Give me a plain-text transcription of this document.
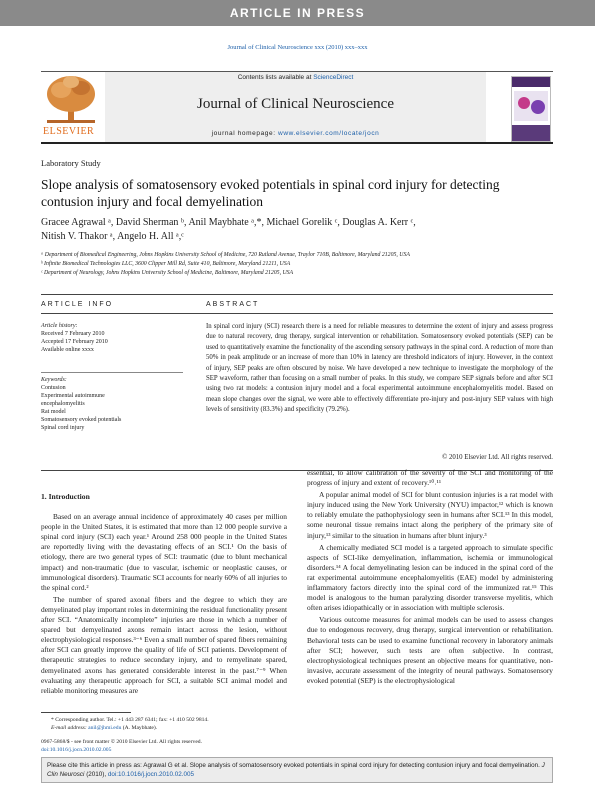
ARTICLE IN PRESS
Journal of Clinical Neuroscience xxx (2010) xxx–xxx
ELSEVIER
Contents lists available at ScienceDirect
Journal of Clinical Neuroscience
journal homepage: www.elsevier.com/locate/jocn
Laboratory Study
Slope analysis of somatosensory evoked potentials in spinal cord injury for detecting contusion injury and focal demyelination
Gracee Agrawal ᵃ, David Sherman ᵇ, Anil Maybhate ᵃ,*, Michael Gorelik ᶜ, Douglas A. Kerr ᶜ,
Nitish V. Thakor ᵃ, Angelo H. All ᵃ,ᶜ
ᵃ Department of Biomedical Engineering, Johns Hopkins University School of Medicine, 720 Rutland Avenue, Traylor 710B, Baltimore, Maryland 21205, USA
ᵇ Infinite Biomedical Technologies LLC, 3600 Clipper Mill Rd, Suite 410, Baltimore, Maryland 21211, USA
ᶜ Department of Neurology, Johns Hopkins University School of Medicine, Baltimore, Maryland 21205, USA
ARTICLE INFO	ABSTRACT
Article history:
Received 7 February 2010
Accepted 17 February 2010
Available online xxxx
Keywords:
Contusion
Experimental autoimmune
encephalomyelitis
Rat model
Somatosensory evoked potentials
Spinal cord injury
In spinal cord injury (SCI) research there is a need for reliable measures to determine the extent of injury and assess progress due to natural recovery, drug therapy, surgical intervention or rehabilitation. Somatosensory evoked potentials (SEP) can be used to quantitatively examine the functionality of the ascending sensory pathways in the spinal cord. A reduction of more than 50% in peak amplitude or an increase of more than 10% in latency are threshold indicators of injury. However, in the context of injury, SEP peaks are often obscured by noise. We have developed a new technique to investigate the morphology of the SEP waveform, rather than focusing on a small number of peaks. In this study, we compare SEP signals before and after SCI using two rat models: a contusion injury model and a focal experimental autoimmune encephalomyelitis model. Based on mean slope changes over the signal, we were able to effectively differentiate pre-injury and post-injury SEP values with high levels of sensitivity (83.3%) and specificity (79.2%).
© 2010 Elsevier Ltd. All rights reserved.
1. Introduction

Based on an average annual incidence of approximately 40 cases per million people in the United States, it is estimated that more than 12 000 people survive a spinal cord injury (SCI) each year.¹ Around 258 000 people in the United States are reportedly living with the devastating effects of an SCI.¹ On the basis of etiology, there are two general types of SCI: traumatic (due to blunt mechanical impact) and non-traumatic (due to vascular, ischemic or neoplastic causes, or immunological disorders). Traumatic SCI accounts for nearly 60% of all injuries to the spinal cord.²

The number of spared axonal fibers and the degree to which they are demyelinated play important roles in determining the residual functionality present after SCI. “Anatomically incomplete” injuries are those in which a number of spared but demyelinated axons remain intact across the lesion, without electrophysiological responses.³⁻⁶ Even a small number of spared fibers remaining after SCI can greatly improve the quality of life of SCI patients. Development of therapeutic strategies to reduce secondary injury, and to remyelinate spared, demyelinated axons has generated considerable interest in the past.⁷⁻⁹ When evaluating any therapeutic approach for SCI, a suitable SCI animal model and reliable monitoring measures are

essential, to allow calibration of the severity of the SCI and monitoring of the progress of injury and extent of recovery.¹⁰˒¹¹

A popular animal model of SCI for blunt contusion injuries is a rat model with injury induced using the New York University (NYU) impactor,¹² which is known to reliably emulate the pathophysiology seen in humans after SCI.¹³ In this model, some neuronal tissue remains intact along the periphery of the primary site of injury,¹³ similar to the situation in humans after blunt injury.³

A chemically mediated SCI model is a targeted approach to simulate specific aspects of SCI-like demyelination, inflammation, ischemia or immunological disorders.¹⁴ A focal demyelinating lesion can be induced in the spinal cord of the rat experimental autoimmune encephalomyelitis (EAE) model by administering inflammatory factors directly into the spinal cord of the immunized rat.¹⁵ This model is analogous to the human paralyzing disorder transverse myelitis, which often arises idiopathically or in association with multiple sclerosis.

Various outcome measures for animal models can be used to assess changes due to endogenous recovery, drug therapy, surgical intervention or rehabilitation. Behavioral tests can be used to examine functional recovery in laboratory animals after SCI; however, such tests are often subjective. In contrast, electrophysiological techniques present an objective means for quantitative, non-invasive, accurate assessment of the integrity of neural pathways. Somatosensory evoked potential (SEP) is the electrophysiological

* Corresponding author. Tel.: +1 443 287 6341; fax: +1 410 502 9814.
E-mail address: anil@jhmi.edu (A. Maybhate).
0967-5868/$ - see front matter © 2010 Elsevier Ltd. All rights reserved.
doi:10.1016/j.jocn.2010.02.005
Please cite this article in press as: Agrawal G et al. Slope analysis of somatosensory evoked potentials in spinal cord injury for detecting contusion injury and focal demyelination. J Clin Neurosci (2010), doi:10.1016/j.jocn.2010.02.005
